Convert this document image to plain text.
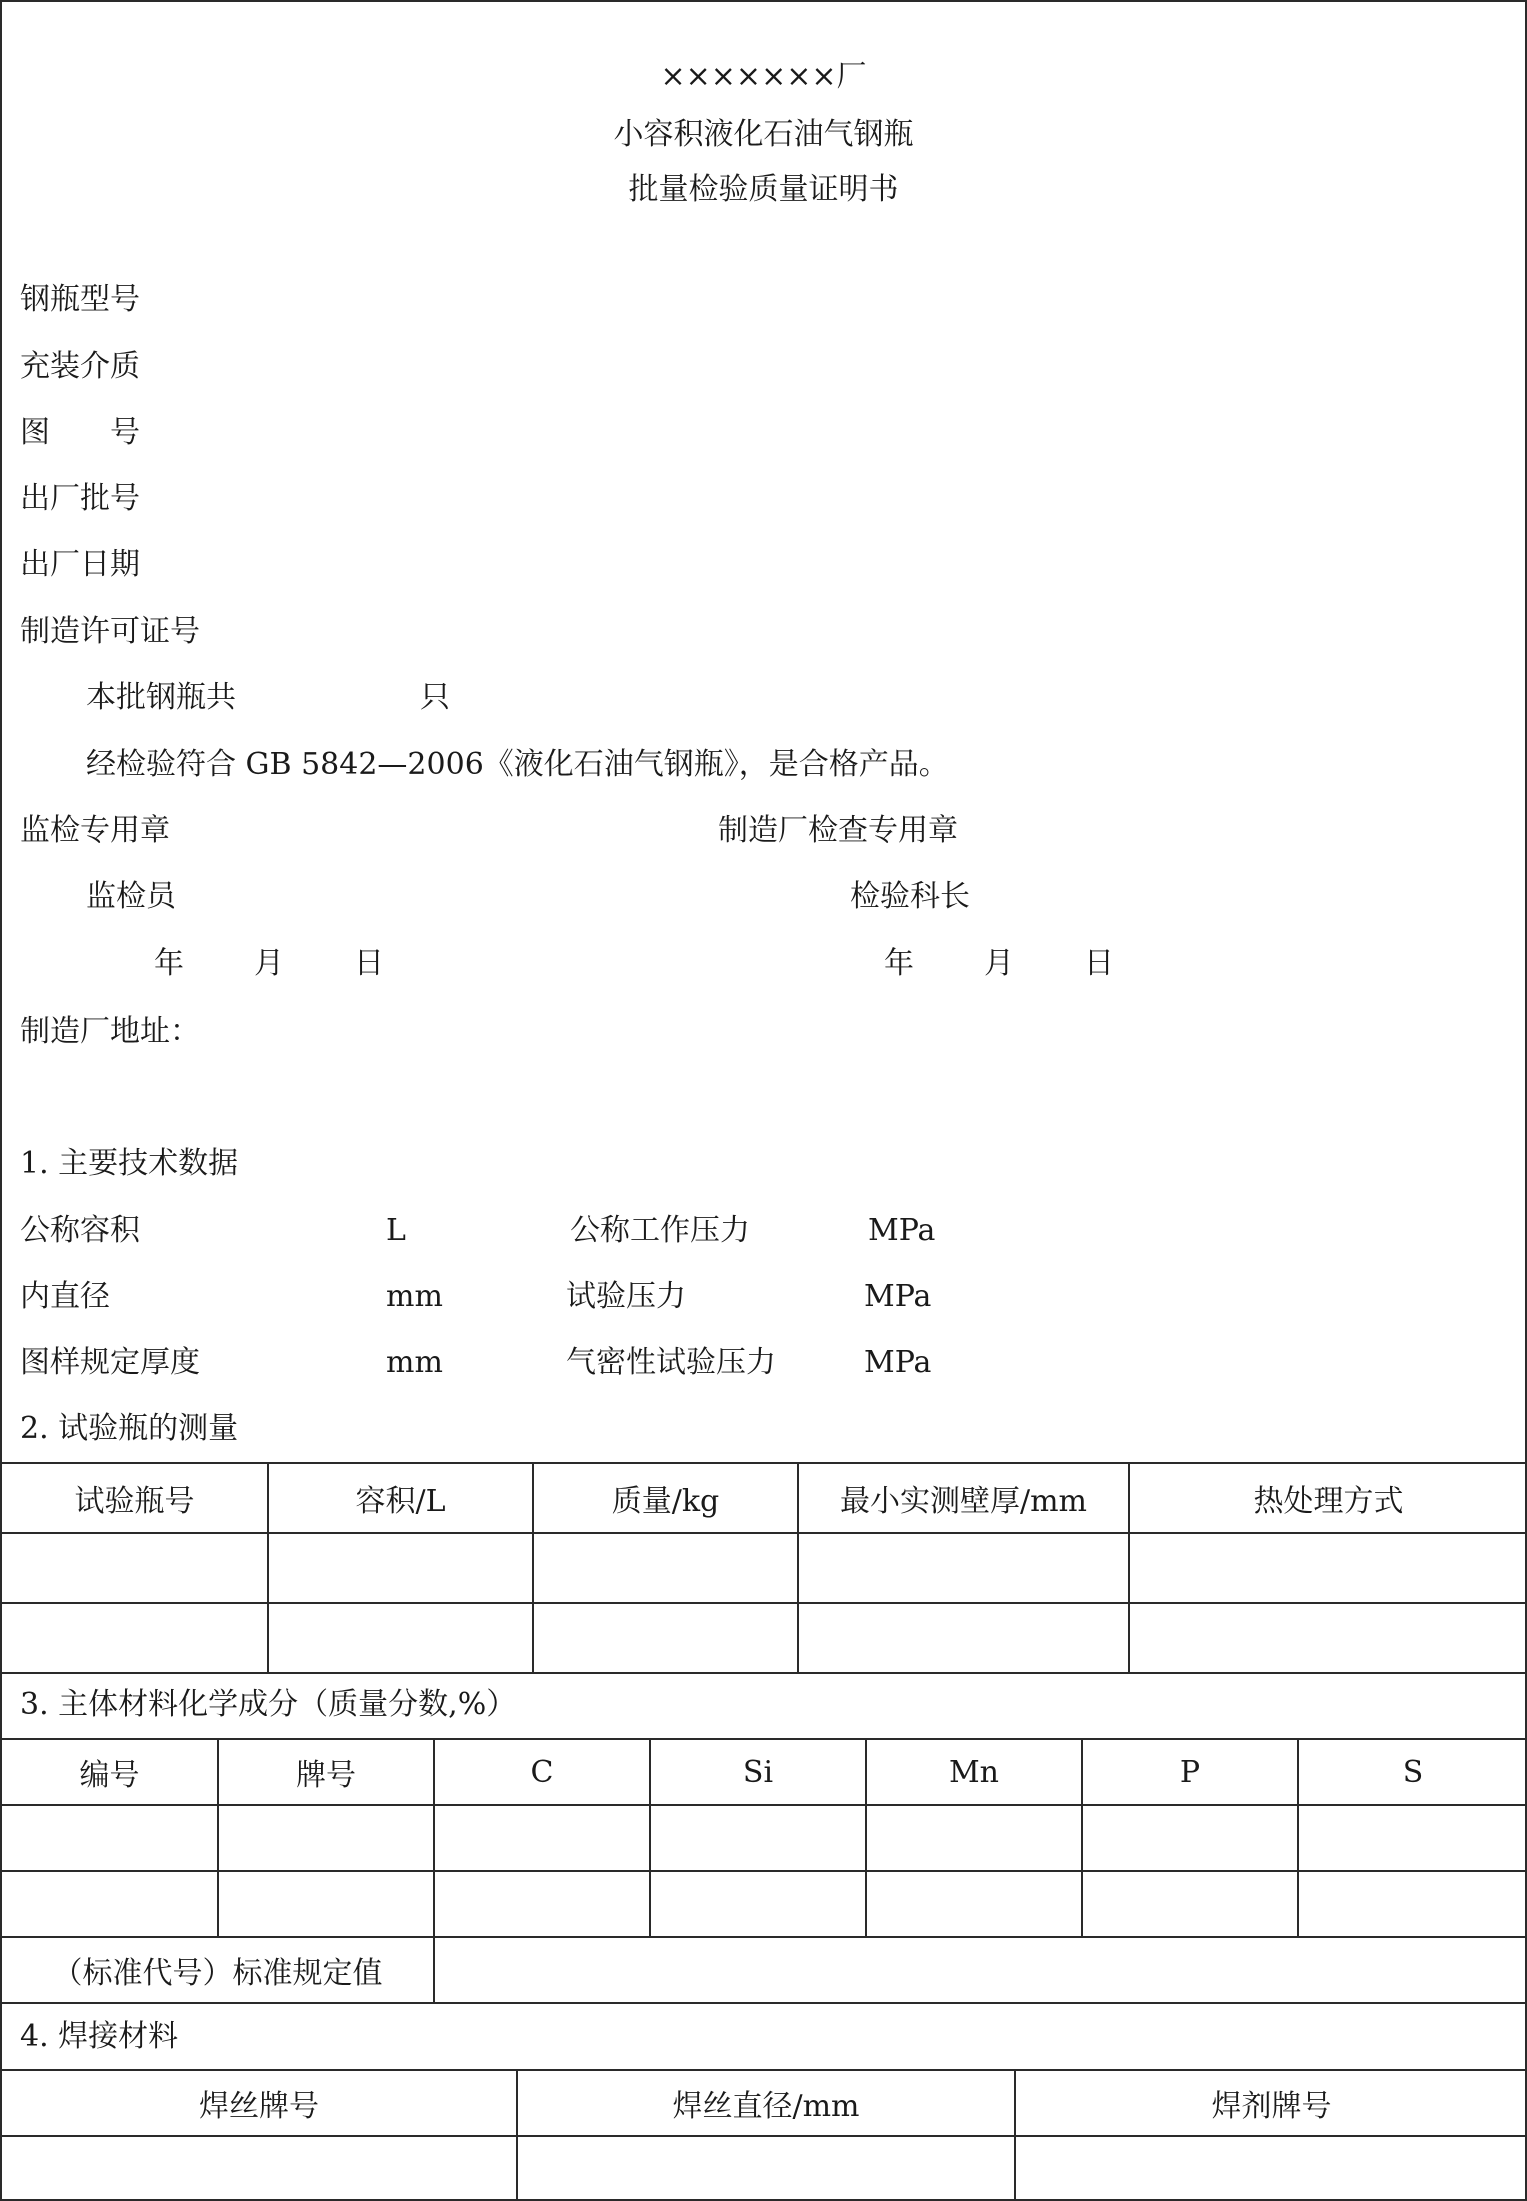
×××××××厂
小容积液化石油气钢瓶
批量检验质量证明书
钢瓶型号
充装介质
图　　号
出厂批号
出厂日期
制造许可证号
本批钢瓶共	只
经检验符合 GB 5842—2006《液化石油气钢瓶》，是合格产品。
监检专用章	制造厂检查专用章
监检员	检验科长
年 月 日	年 月 日
制造厂地址：
1. 主要技术数据
公称容积	L	公称工作压力	MPa
内直径	mm	试验压力	MPa
图样规定厚度	mm	气密性试验压力	MPa
2. 试验瓶的测量
试验瓶号	容积/L	质量/kg	最小实测壁厚/mm	热处理方式

3. 主体材料化学成分（质量分数,%）
编号	牌号	C	Si	Mn	P	S

（标准代号）标准规定值						
4. 焊接材料
焊丝牌号	焊丝直径/mm	焊剂牌号
